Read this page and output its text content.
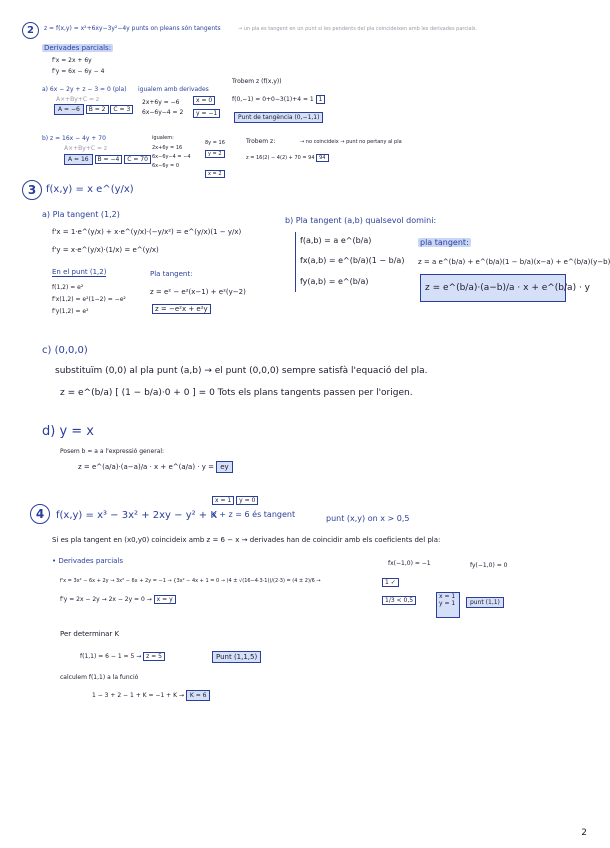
2	z = f(x,y) = x²+6xy−3y²−4y punts on pleans són tangents	→ un pla es tangent en un punt si les pendents del pla coincideixen amb les derivades parcials.
Derivades parcials:
f'x = 2x + 6y
f'y = 6x − 6y − 4
a) 6x − 2y + z − 3 = 0 (pla)
A×+By+C = z
A = −6 B = 2 C = 3
igualem amb derivades
2x+6y = −6
6x−6y−4 = 2
x = 0
y = −1
Trobem z (f(x,y))
f(0,−1) = 0+0−3(1)+4 = 1 1
Punt de tangència (0,−1,1)
b) z = 16x − 4y + 70
A×+By+C = z
A = 16 B = −4 C = 70
igualem:
2x+6y = 16
6x−6y−4 = −4
6x−6y = 0
8y = 16
y = 2
x = 2
Trobem z:	→ no coincideix → punt no pertany al pla
z = 16(2) − 4(2) + 70 = 94 94
3 f(x,y) = x e^(y/x)
a) Pla tangent (1,2)
f'x = 1·e^(y/x) + x·e^(y/x)·(−y/x²) = e^(y/x)(1 − y/x)
f'y = x·e^(y/x)·(1/x) = e^(y/x)
En el punt (1,2)
f(1,2) = e²
f'x(1,2) = e²(1−2) = −e²
f'y(1,2) = e²
Pla tangent:
z = e² − e²(x−1) + e²(y−2)
z = −e²x + e²y
b) Pla tangent (a,b) qualsevol domini:
f(a,b) = a e^(b/a)
fx(a,b) = e^(b/a)(1 − b/a)
fy(a,b) = e^(b/a)
pla tangent:
z = a e^(b/a) + e^(b/a)(1 − b/a)(x−a) + e^(b/a)(y−b)
z = e^(b/a)·(a−b)/a · x + e^(b/a) · y
c) (0,0,0)
substituïm (0,0) al pla punt (a,b) → el punt (0,0,0) sempre satisfà l'equació del pla.
z = e^(b/a) [ (1 − b/a)·0 + 0 ] = 0 Tots els plans tangents passen per l'origen.
d) y = x
Posem b = a a l'expressió general:
z = e^(a/a)·(a−a)/a · x + e^(a/a) · y = ey
4	f(x,y) = x³ − 3x² + 2xy − y² + K
x = 1 y = 0
x + z = 6 és tangent	punt (x,y) on x > 0,5
Si es pla tangent en (x0,y0) coincideix amb z = 6 − x → derivades han de coincidir amb els coeficients del pla:
• Derivades parcials	fx(−1,0) = −1	fy(−1,0) = 0
f'x = 3x² − 6x + 2y → 3x² − 6x + 2y = −1 → {3x² − 4x + 1 = 0 → (4 ± √(16−4·3·1))/(2·3) = (4 ± 2)/6 →
f'y = 2x − 2y → 2x − 2y = 0 → x = y
1 ✓
1/3 < 0,5
x = 1
y = 1	punt (1,1)
Per determinar K
f(1,1) = 6 − 1 = 5 → z = 5	Punt (1,1,5)
calculem f(1,1) a la funció
1 − 3 + 2 − 1 + K = −1 + K → K = 6
2
